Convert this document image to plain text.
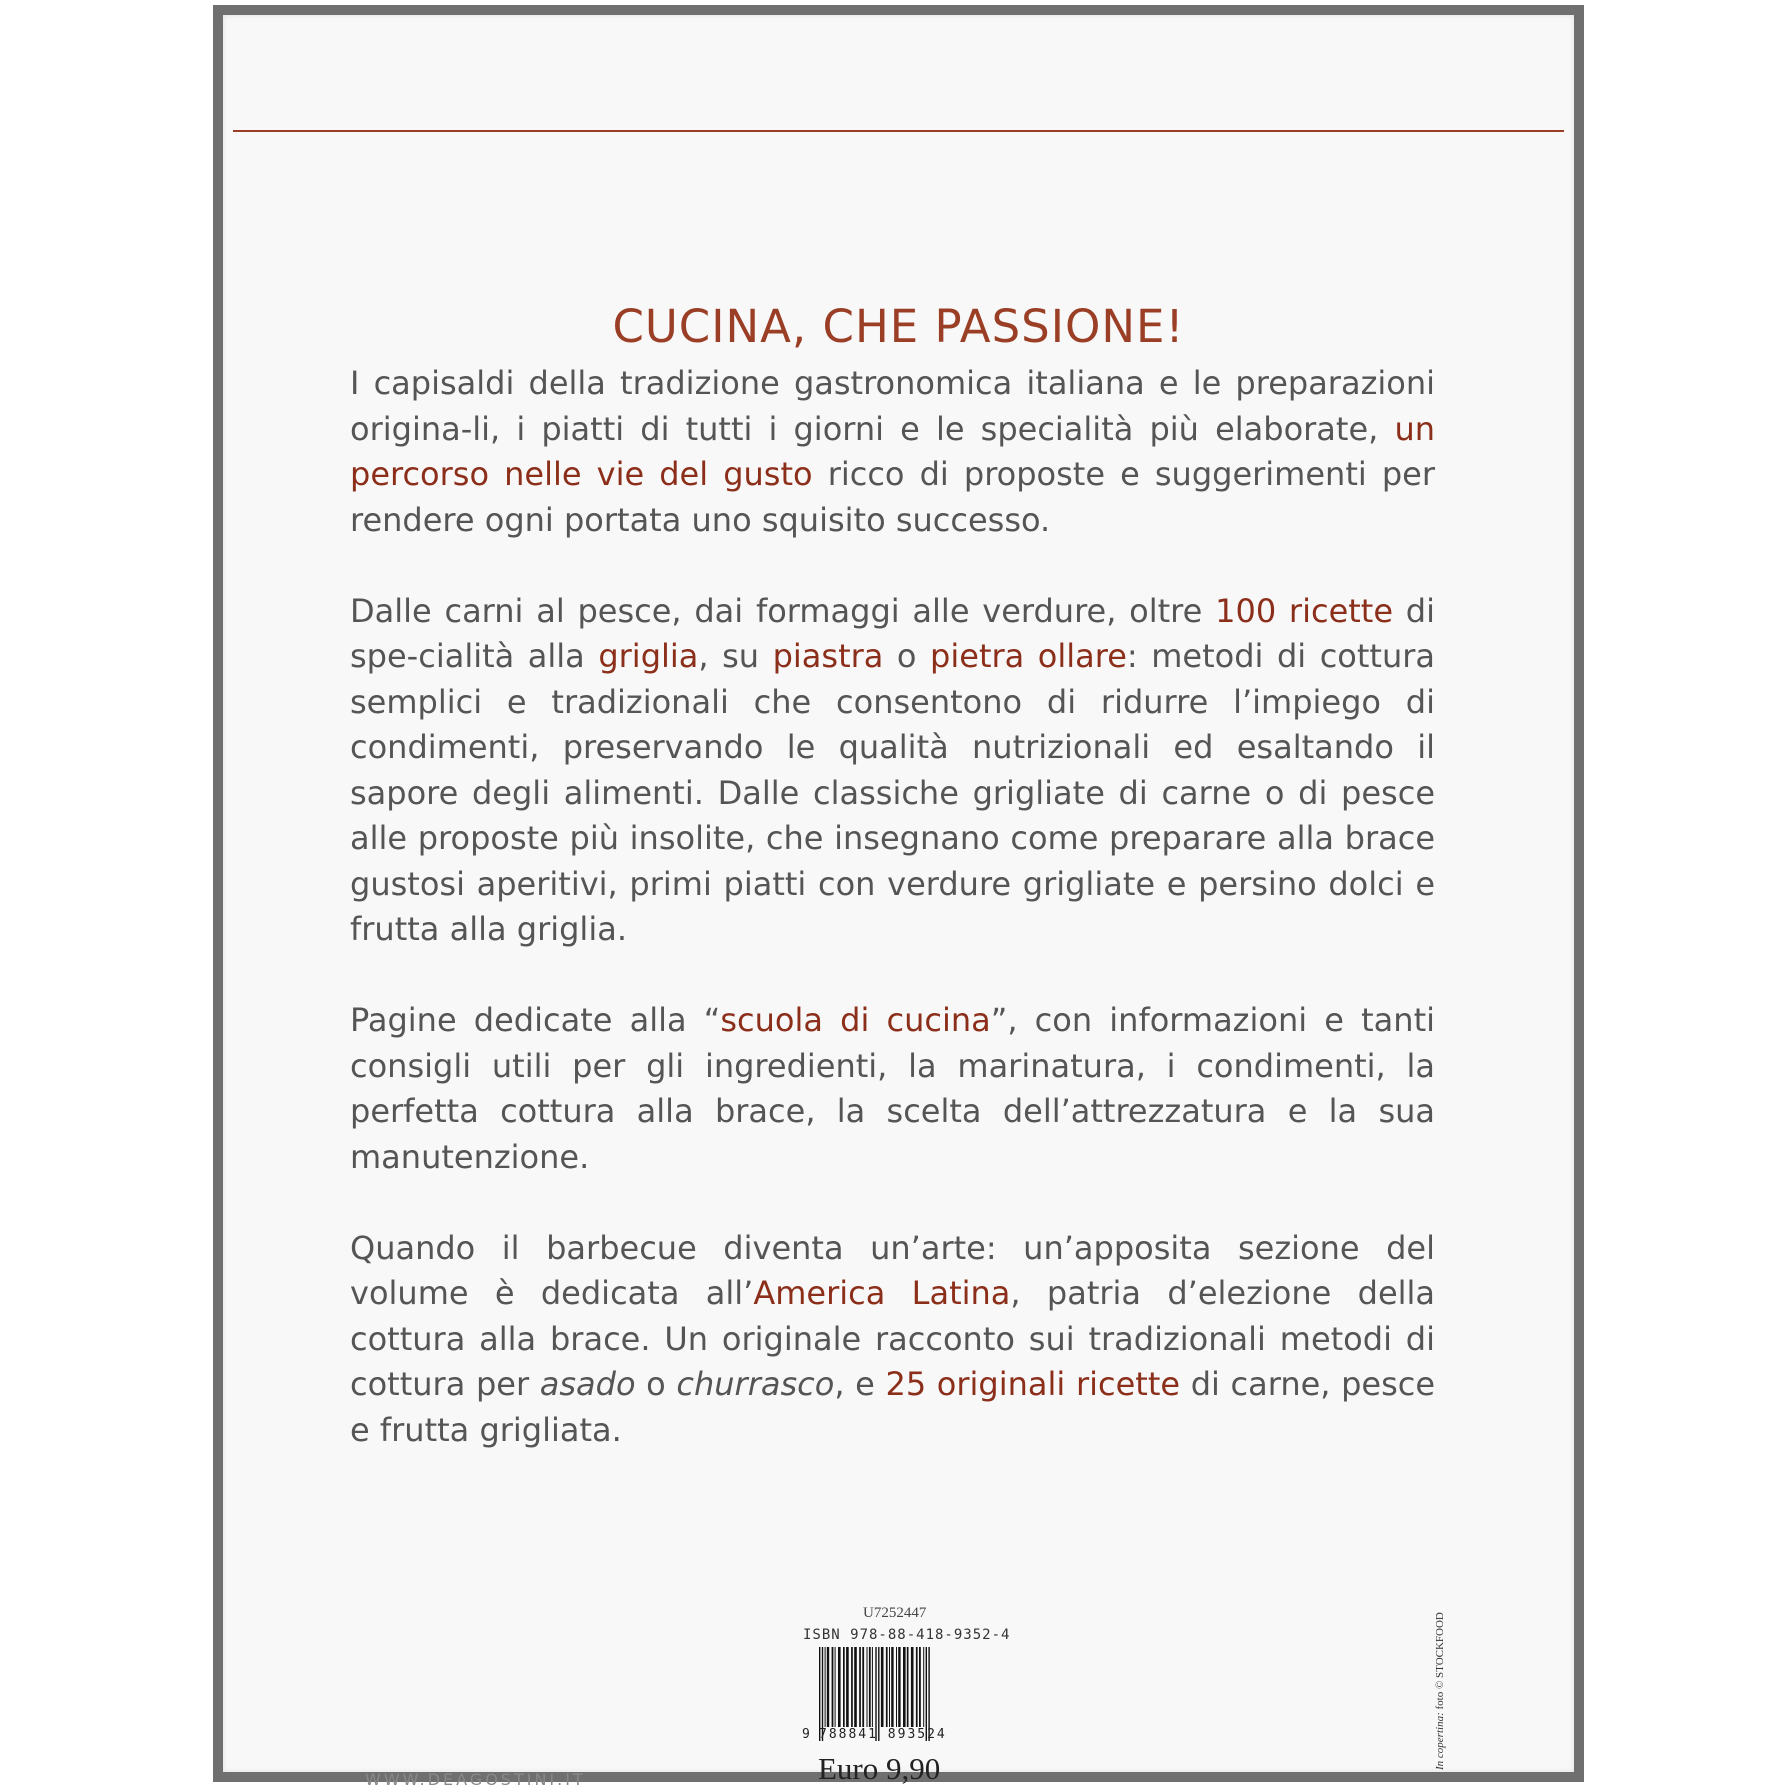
CUCINA, CHE PASSIONE!

I capisaldi della tradizione gastronomica italiana e le preparazioni origina-li, i piatti di tutti i giorni e le specialità più elaborate, un percorso nelle vie del gusto ricco di proposte e suggerimenti per rendere ogni portata uno squisito successo.

Dalle carni al pesce, dai formaggi alle verdure, oltre 100 ricette di spe-cialità alla griglia, su piastra o pietra ollare: metodi di cottura semplici e tradizionali che consentono di ridurre l’impiego di condimenti, preservando le qualità nutrizionali ed esaltando il sapore degli alimenti. Dalle classiche grigliate di carne o di pesce alle proposte più insolite, che insegnano come preparare alla brace gustosi aperitivi, primi piatti con verdure grigliate e persino dolci e frutta alla griglia.

Pagine dedicate alla “scuola di cucina”, con informazioni e tanti consigli utili per gli ingredienti, la marinatura, i condimenti, la perfetta cottura alla brace, la scelta dell’attrezzatura e la sua manutenzione.

Quando il barbecue diventa un’arte: un’apposita sezione del volume è dedicata all’America Latina, patria d’elezione della cottura alla brace. Un originale racconto sui tradizionali metodi di cottura per asado o churrasco, e 25 originali ricette di carne, pesce e frutta grigliata.

U7252447
ISBN 978-88-418-9352-4
9 788841 893524
Euro 9,90
WWW.DEAGOSTINI.IT
In copertina: foto © STOCKFOOD
